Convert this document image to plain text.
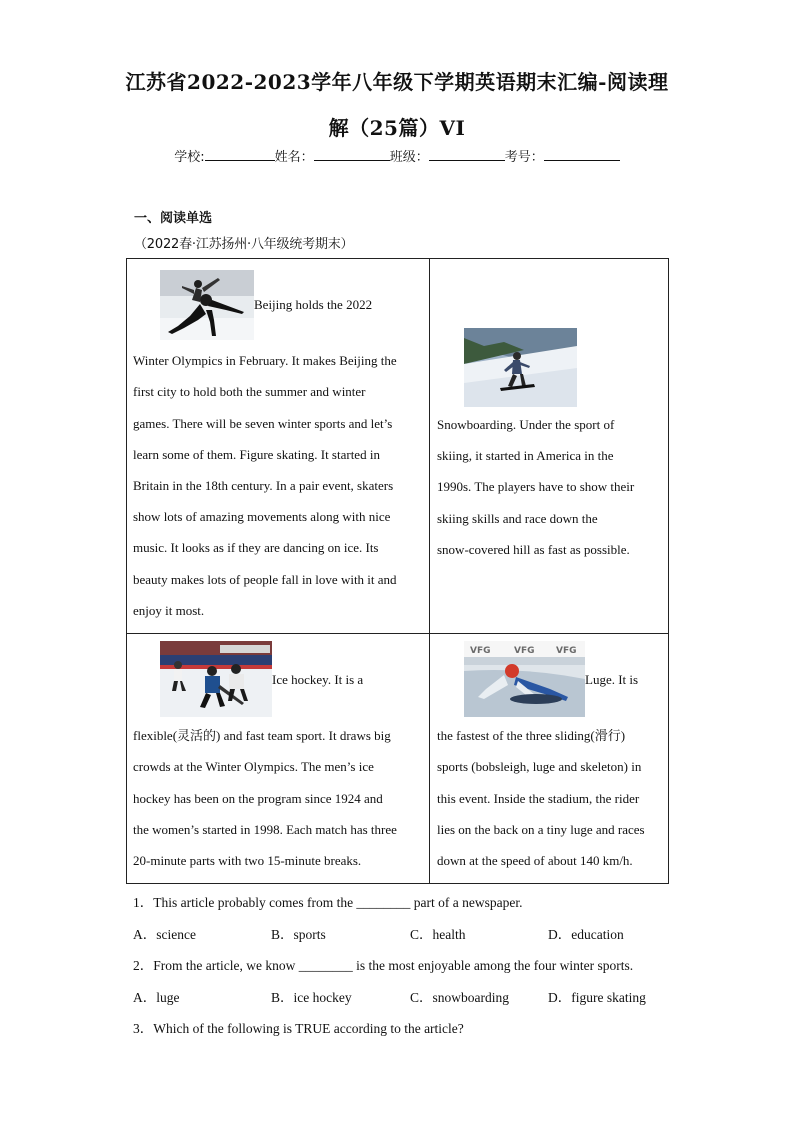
江苏省2022-2023学年八年级下学期英语期末汇编-阅读理
解（25篇）VI
学校:	姓名：	班级：	考号：
一、阅读单选
（2022春·江苏扬州·八年级统考期末）
Beijing holds the 2022
Winter Olympics in February. It makes Beijing the
first city to hold both the summer and winter
games. There will be seven winter sports and let’s
learn some of them. Figure skating. It started in
Britain in the 18th century. In a pair event, skaters
show lots of amazing movements along with nice
music. It looks as if they are dancing on ice. Its
beauty makes lots of people fall in love with it and
enjoy it most.
Snowboarding. Under the sport of
skiing, it started in America in the
1990s. The players have to show their
skiing skills and race down the
snow-covered hill as fast as possible.
Ice hockey. It is a
flexible(灵活的) and fast team sport. It draws big
crowds at the Winter Olympics. The men’s ice
hockey has been on the program since 1924 and
the women’s started in 1998. Each match has three
20-minute parts with two 15-minute breaks.
VFG	VFG VFG
Luge. It is
the fastest of the three sliding(滑行)
sports (bobsleigh, luge and skeleton) in
this event. Inside the stadium, the rider
lies on the back on a tiny luge and races
down at the speed of about 140 km/h.
1．This article probably comes from the ________ part of a newspaper.
A．science	B．sports	C．health	D．education
2．From the article, we know ________ is the most enjoyable among the four winter sports.
A．luge	B．ice hockey	C．snowboarding	D．figure skating
3．Which of the following is TRUE according to the article?
